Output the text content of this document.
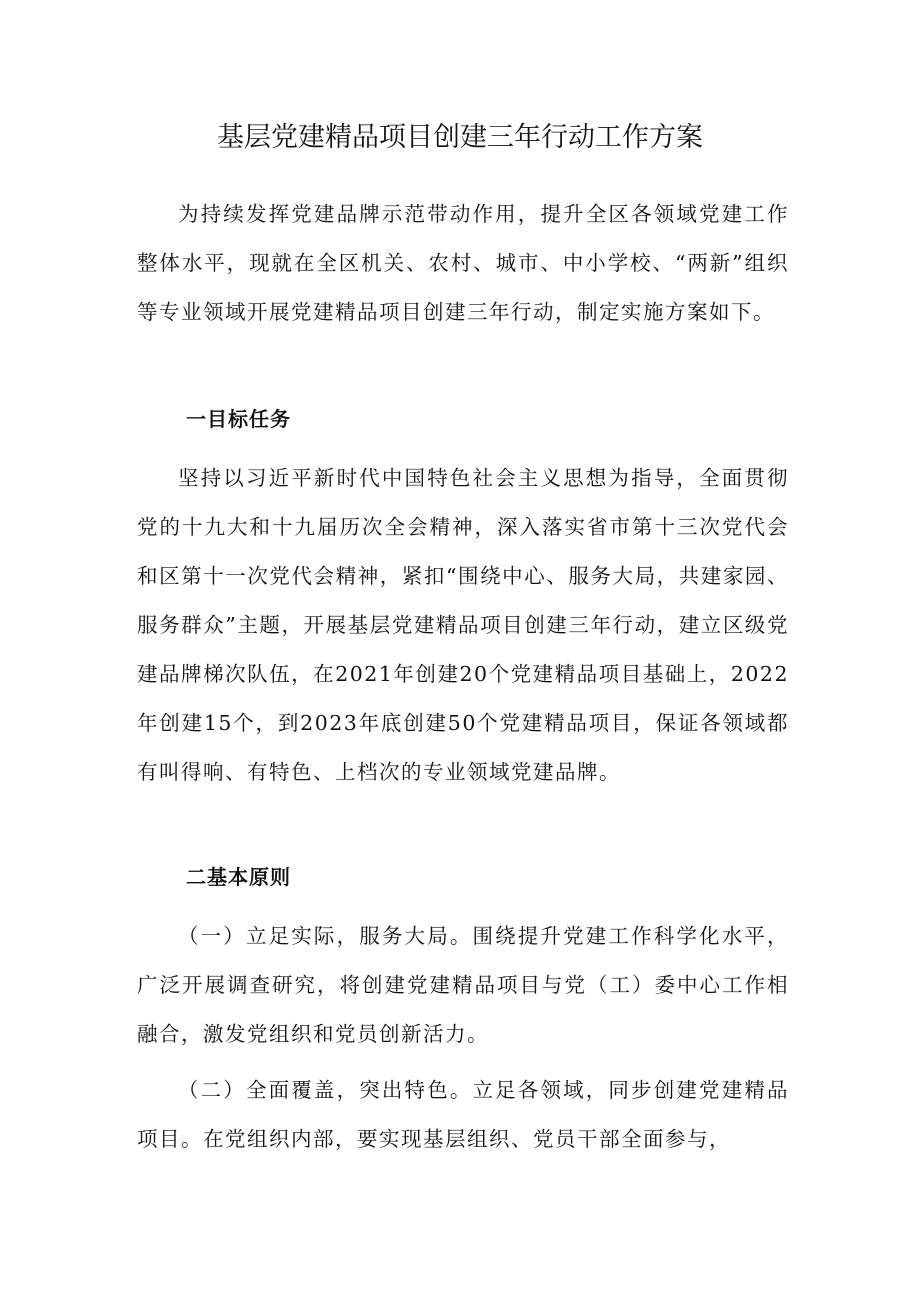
基层党建精品项目创建三年行动工作方案

为持续发挥党建品牌示范带动作用，提升全区各领域党建工作整体水平，现就在全区机关、农村、城市、中小学校、“两新”组织等专业领域开展党建精品项目创建三年行动，制定实施方案如下。

一目标任务

坚持以习近平新时代中国特色社会主义思想为指导，全面贯彻党的十九大和十九届历次全会精神，深入落实省市第十三次党代会和区第十一次党代会精神，紧扣“围绕中心、服务大局，共建家园、服务群众”主题，开展基层党建精品项目创建三年行动，建立区级党建品牌梯次队伍，在2021年创建20个党建精品项目基础上，2022年创建15个，到2023年底创建50个党建精品项目，保证各领域都有叫得响、有特色、上档次的专业领域党建品牌。

二基本原则

（一）立足实际，服务大局。围绕提升党建工作科学化水平，广泛开展调查研究，将创建党建精品项目与党（工）委中心工作相融合，激发党组织和党员创新活力。

（二）全面覆盖，突出特色。立足各领域，同步创建党建精品项目。在党组织内部，要实现基层组织、党员干部全面参与，
